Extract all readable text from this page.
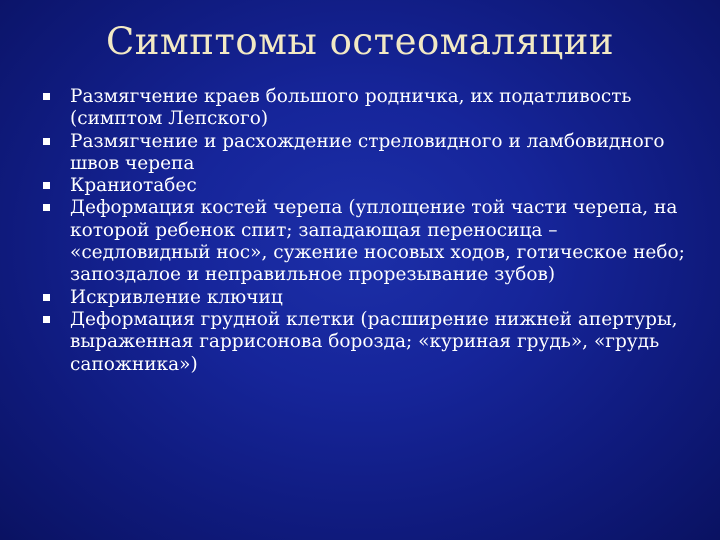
Симптомы остеомаляции
Размягчение краев большого родничка, их податливость (симптом Лепского)
Размягчение и расхождение стреловидного и ламбовидного швов черепа
Краниотабес
Деформация костей черепа (уплощение той части черепа, на которой ребенок спит; западающая переносица – «седловидный нос», сужение носовых ходов, готическое небо; запоздалое и неправильное прорезывание зубов)
Искривление ключиц
Деформация грудной клетки (расширение нижней апертуры, выраженная гаррисонова борозда; «куриная грудь», «грудь сапожника»)
